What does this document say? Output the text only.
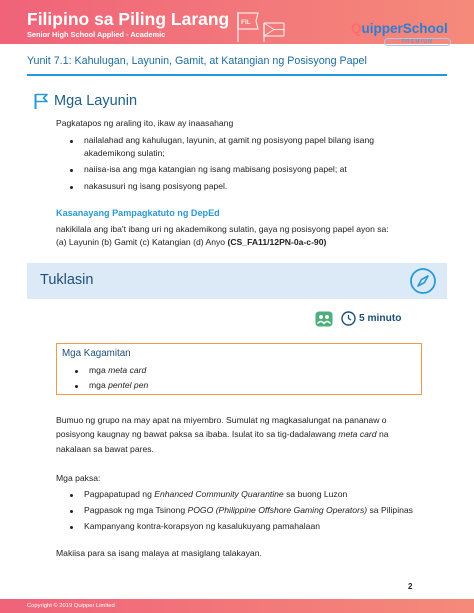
Filipino sa Piling Larang
Senior High School Applied - Academic
FIL	QuipperSchool
PREMIUM
Yunit 7.1: Kahulugan, Layunin, Gamit, at Katangian ng Posisyong Papel
Mga Layunin
Pagkatapos ng araling ito, ikaw ay inaasahang
nailalahad ang kahulugan, layunin, at gamit ng posisyong papel bilang isang
akademikong sulatin;
naiisa-isa ang mga katangian ng isang mabisang posisyong papel; at
nakasusuri ng isang posisyong papel.
Kasanayang Pampagkatuto ng DepEd
nakikilala ang iba't ibang uri ng akademikong sulatin, gaya ng posisyong papel ayon sa:
(a) Layunin (b) Gamit (c) Katangian (d) Anyo (CS_FA11/12PN-0a-c-90)
Tuklasin
5 minuto
Mga Kagamitan
mga meta card
mga pentel pen
Bumuo ng grupo na may apat na miyembro. Sumulat ng magkasalungat na pananaw o
posisyong kaugnay ng bawat paksa sa ibaba. Isulat ito sa tig-dadalawang meta card na
nakalaan sa bawat pares.
Mga paksa:
Pagpapatupad ng Enhanced Community Quarantine sa buong Luzon
Pagpasok ng mga Tsinong POGO (Philippine Offshore Gaming Operators) sa Pilipinas
Kampanyang kontra-korapsyon ng kasalukuyang pamahalaan
Makiisa para sa isang malaya at masiglang talakayan.
2
Copyright © 2019 Quipper Limited
